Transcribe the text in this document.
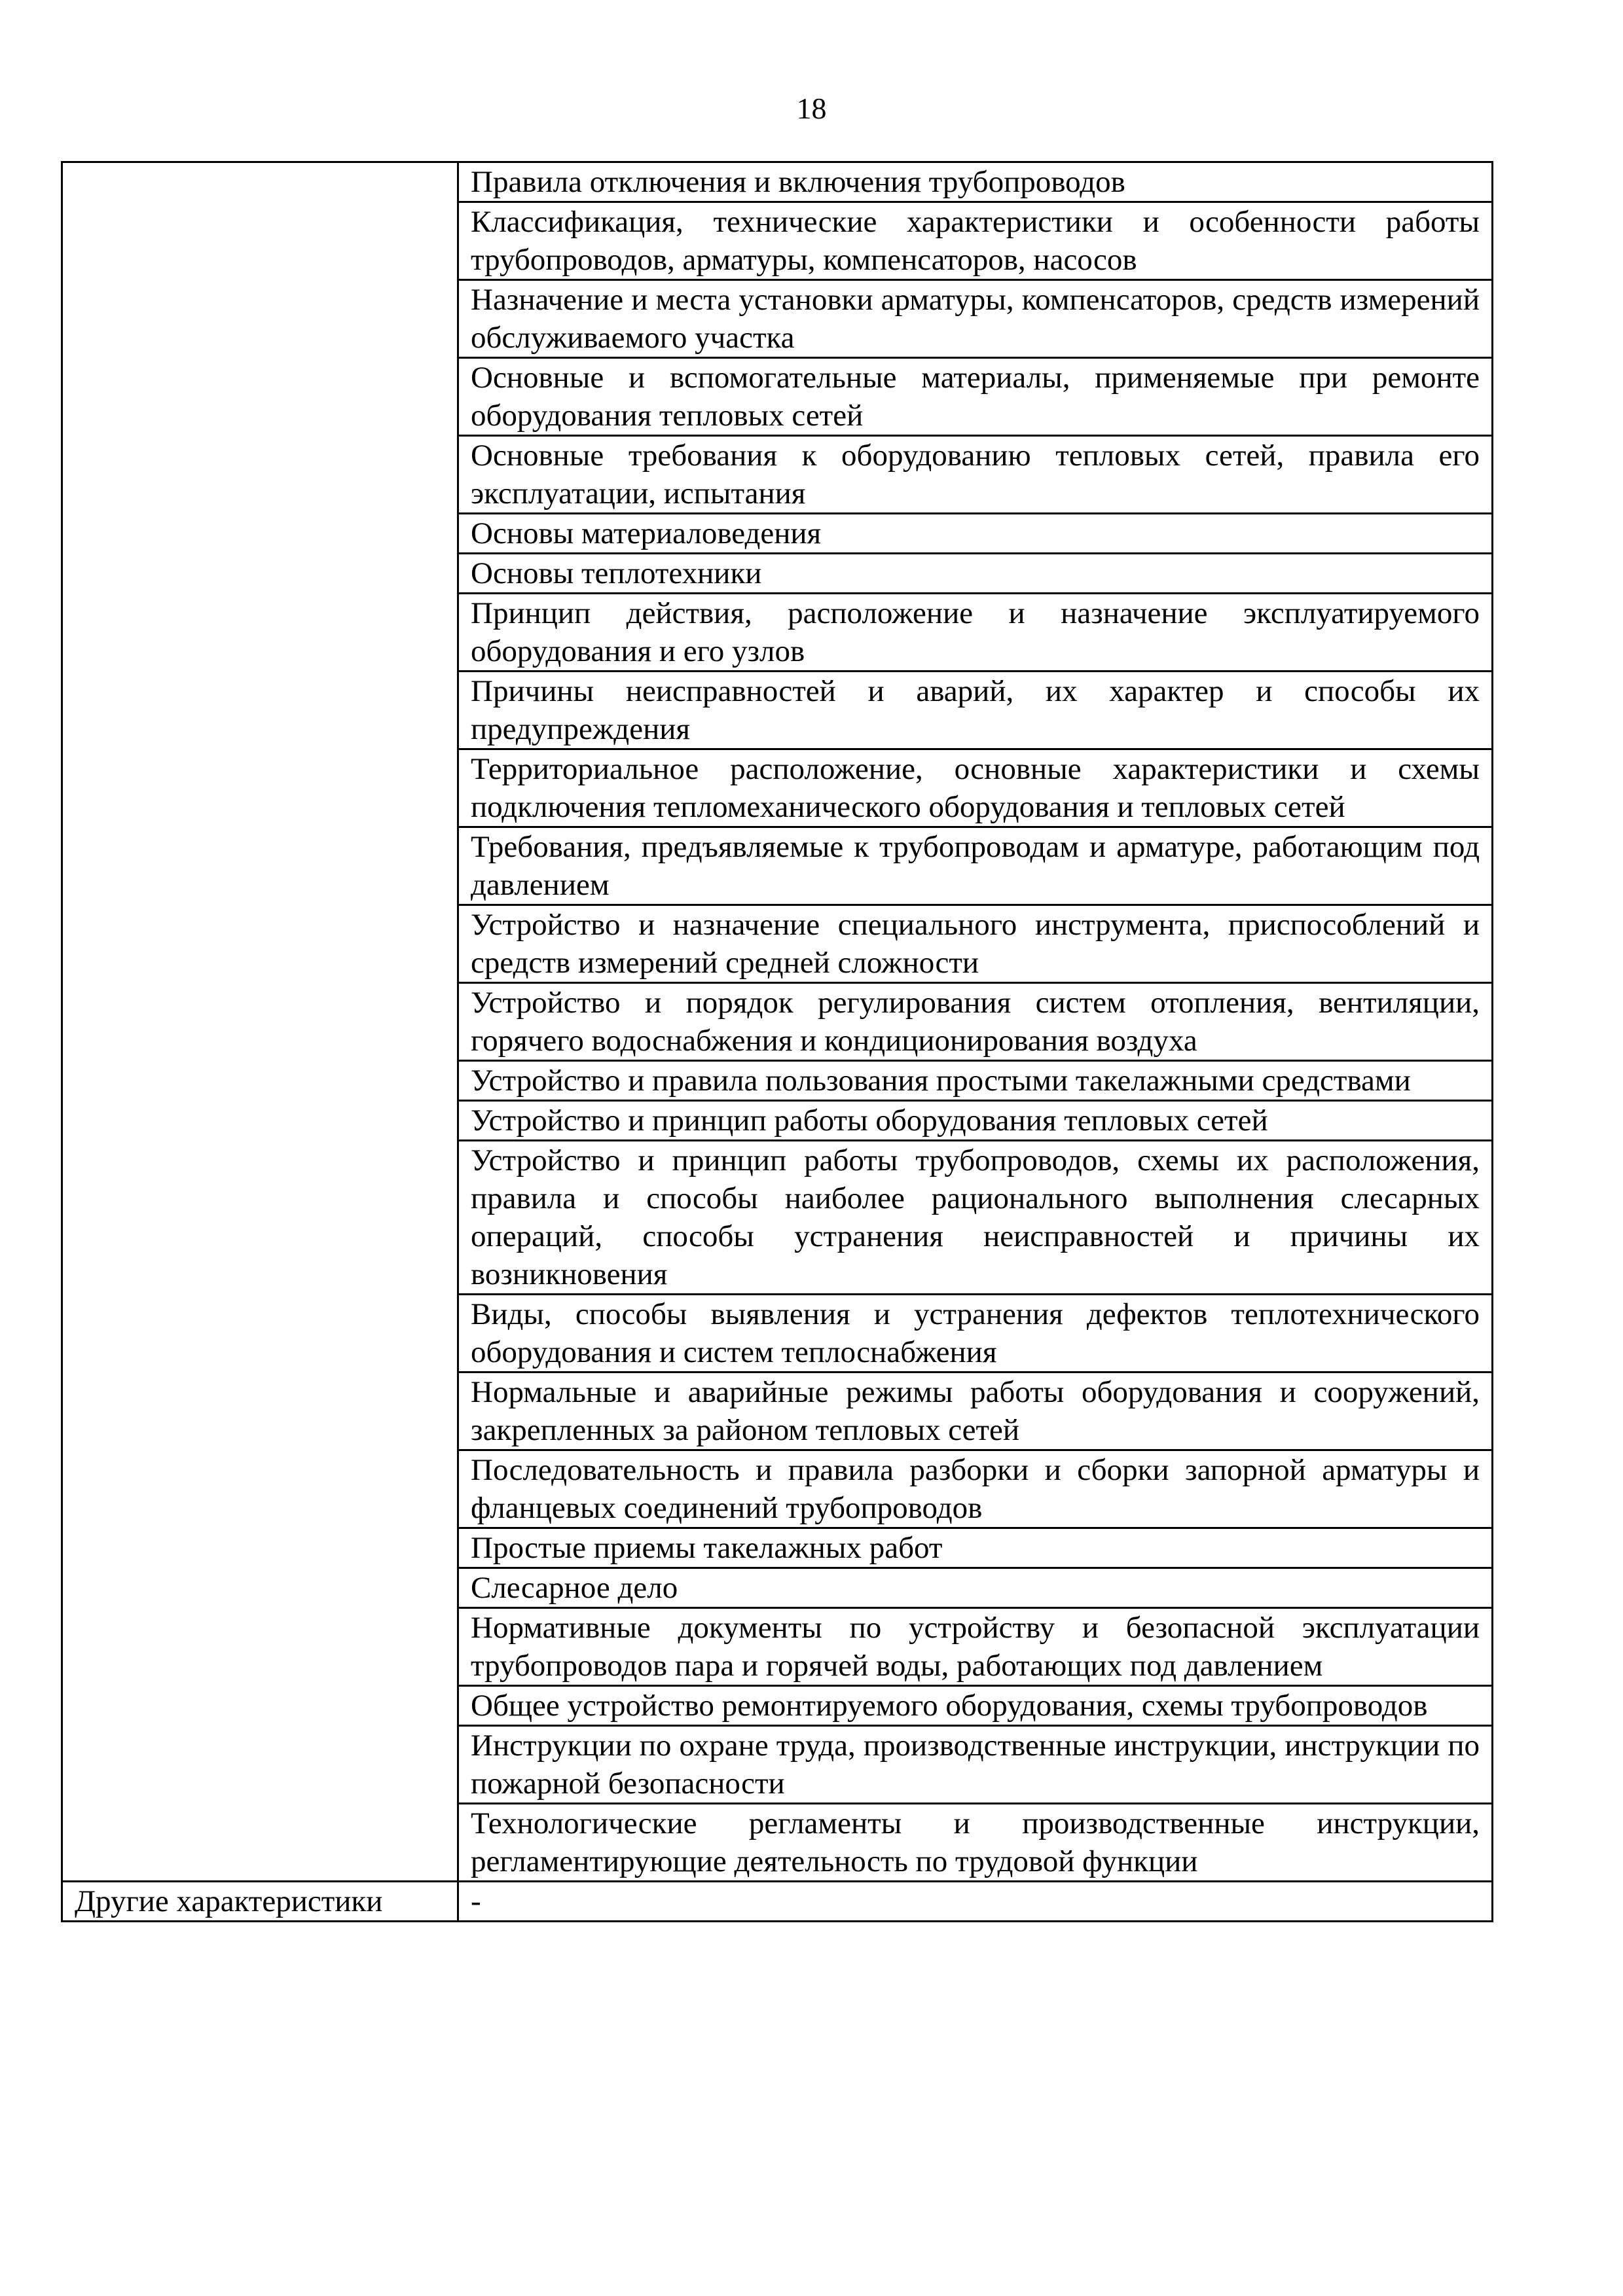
18
	Правила отключения и включения трубопроводов
	Классификация, технические характеристики и особенности работы трубопроводов, арматуры, компенсаторов, насосов
	Назначение и места установки арматуры, компенсаторов, средств измерений обслуживаемого участка
	Основные и вспомогательные материалы, применяемые при ремонте оборудования тепловых сетей
	Основные требования к оборудованию тепловых сетей, правила его эксплуатации, испытания
	Основы материаловедения
	Основы теплотехники
	Принцип действия, расположение и назначение эксплуатируемого оборудования и его узлов
	Причины неисправностей и аварий, их характер и способы их предупреждения
	Территориальное расположение, основные характеристики и схемы подключения тепломеханического оборудования и тепловых сетей
	Требования, предъявляемые к трубопроводам и арматуре, работающим под давлением
	Устройство и назначение специального инструмента, приспособлений и средств измерений средней сложности
	Устройство и порядок регулирования систем отопления, вентиляции, горячего водоснабжения и кондиционирования воздуха
	Устройство и правила пользования простыми такелажными средствами
	Устройство и принцип работы оборудования тепловых сетей
	Устройство и принцип работы трубопроводов, схемы их расположения, правила и способы наиболее рационального выполнения слесарных операций, способы устранения неисправностей и причины их возникновения
	Виды, способы выявления и устранения дефектов теплотехнического оборудования и систем теплоснабжения
	Нормальные и аварийные режимы работы оборудования и сооружений, закрепленных за районом тепловых сетей
	Последовательность и правила разборки и сборки запорной арматуры и фланцевых соединений трубопроводов
	Простые приемы такелажных работ
	Слесарное дело
	Нормативные документы по устройству и безопасной эксплуатации трубопроводов пара и горячей воды, работающих под давлением
	Общее устройство ремонтируемого оборудования, схемы трубопроводов
	Инструкции по охране труда, производственные инструкции, инструкции по пожарной безопасности
	Технологические регламенты и производственные инструкции, регламентирующие деятельность по трудовой функции
Другие характеристики	-
